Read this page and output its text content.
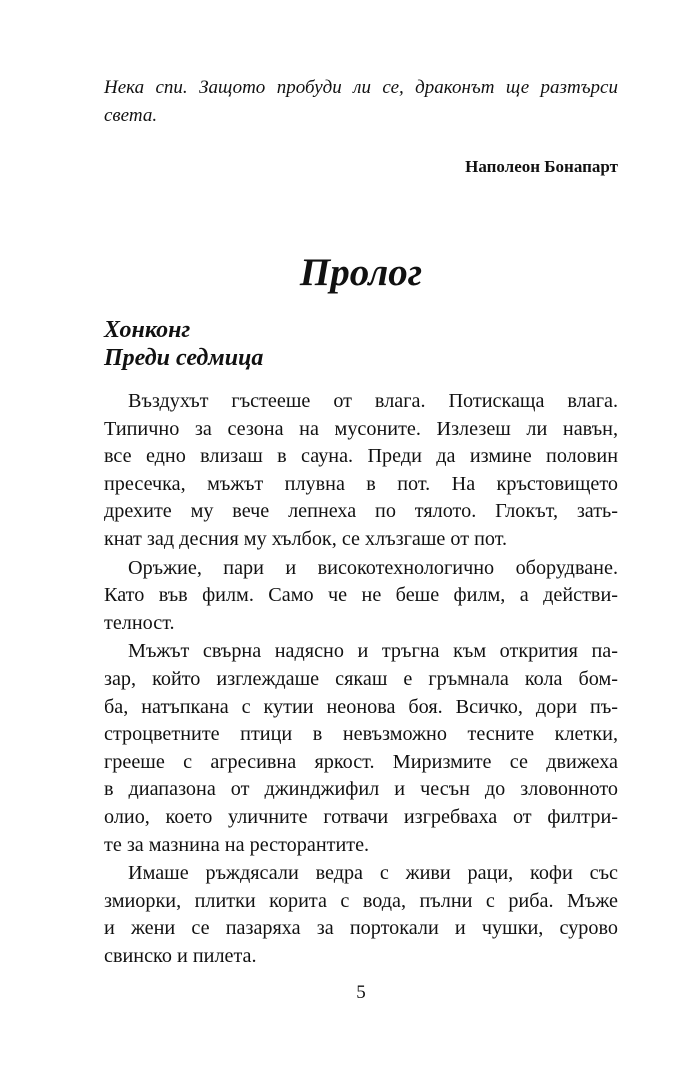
Нека спи. Защото пробуди ли се, драконът ще разтърси света.
Наполеон Бонапарт
Пролог
Хонконг
Преди седмица
Въздухът гъстееше от влага. Потискаща влага.
Типично за сезона на мусоните. Излезеш ли навън,
все едно влизаш в сауна. Преди да измине половин
пресечка, мъжът плувна в пот. На кръстовището
дрехите му вече лепнеха по тялото. Глокът, зать-
кнат зад десния му хълбок, се хлъзгаше от пот.
Оръжие, пари и високотехнологично оборудване.
Като във филм. Само че не беше филм, а действи-
телност.
Мъжът свърна надясно и тръгна към открития па-
зар, който изглеждаше сякаш е гръмнала кола бом-
ба, натъпкана с кутии неонова боя. Всичко, дори пъ-
строцветните птици в невъзможно тесните клетки,
грееше с агресивна яркост. Миризмите се движеха
в диапазона от джинджифил и чесън до зловонното
олио, което уличните готвачи изгребваха от филтри-
те за мазнина на ресторантите.
Имаше ръждясали ведра с живи раци, кофи със
змиорки, плитки корита с вода, пълни с риба. Мъже
и жени се пазаряха за портокали и чушки, сурово
свинско и пилета.
5
